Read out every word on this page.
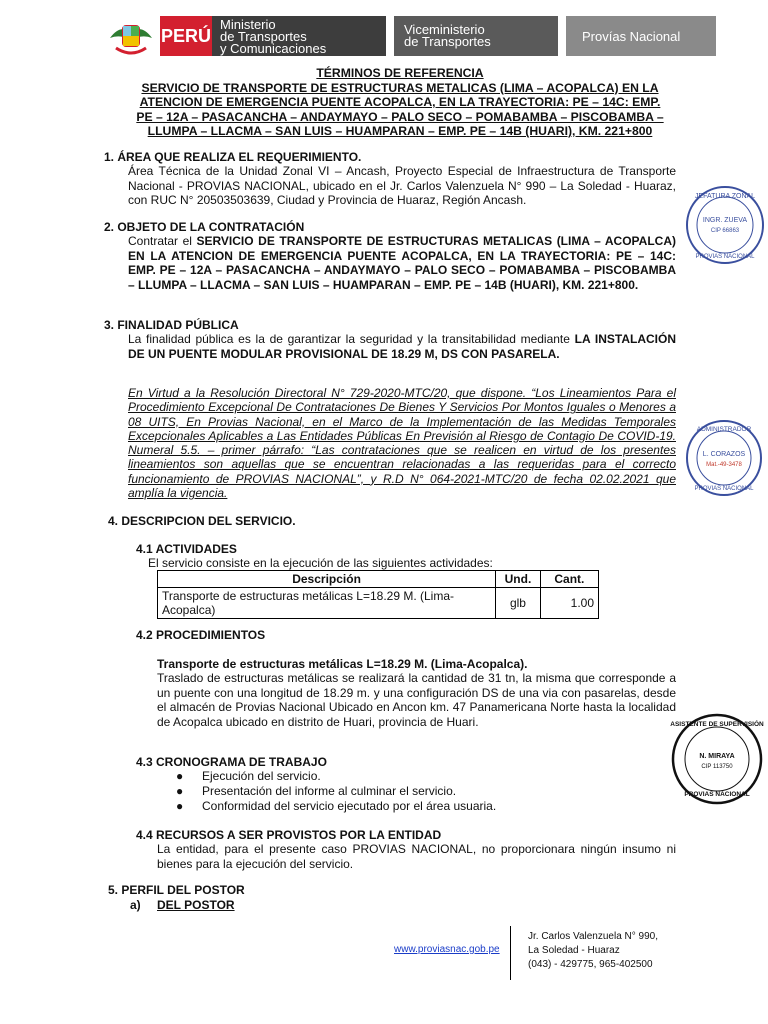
PERÚ
Ministerio
de Transportes
y Comunicaciones
Viceministerio
de Transportes	Provías Nacional
TÉRMINOS DE REFERENCIA
SERVICIO DE TRANSPORTE DE ESTRUCTURAS METALICAS (LIMA – ACOPALCA) EN LA
ATENCION DE EMERGENCIA PUENTE ACOPALCA, EN LA TRAYECTORIA: PE – 14C: EMP.
PE – 12A – PASACANCHA – ANDAYMAYO – PALO SECO – POMABAMBA – PISCOBAMBA –
LLUMPA – LLACMA – SAN LUIS – HUAMPARAN – EMP. PE – 14B (HUARI), KM. 221+800
1. ÁREA QUE REALIZA EL REQUERIMIENTO.
Área Técnica de la Unidad Zonal VI – Ancash, Proyecto Especial de Infraestructura de Transporte Nacional - PROVIAS NACIONAL, ubicado en el Jr. Carlos Valenzuela N° 990 – La Soledad - Huaraz, con RUC N° 20503503639, Ciudad y Provincia de Huaraz, Región Ancash.
2. OBJETO DE LA CONTRATACIÓN
Contratar el SERVICIO DE TRANSPORTE DE ESTRUCTURAS METALICAS (LIMA – ACOPALCA) EN LA ATENCION DE EMERGENCIA PUENTE ACOPALCA, EN LA TRAYECTORIA: PE – 14C: EMP. PE – 12A – PASACANCHA – ANDAYMAYO – PALO SECO – POMABAMBA – PISCOBAMBA – LLUMPA – LLACMA – SAN LUIS – HUAMPARAN – EMP. PE – 14B (HUARI), KM. 221+800.
3. FINALIDAD PÚBLICA
La finalidad pública es la de garantizar la seguridad y la transitabilidad mediante LA INSTALACIÓN DE UN PUENTE MODULAR PROVISIONAL DE 18.29 M, DS CON PASARELA.
En Virtud a la Resolución Directoral N° 729-2020-MTC/20, que dispone. “Los Lineamientos Para el Procedimiento Excepcional De Contrataciones De Bienes Y Servicios Por Montos Iguales o Menores a 08 UITS, En Provias Nacional, en el Marco de la Implementación de las Medidas Temporales Excepcionales Aplicables a Las Entidades Públicas En Previsión al Riesgo de Contagio De COVID-19. Numeral 5.5. – primer párrafo: “Las contrataciones que se realicen en virtud de los presentes lineamientos son aquellas que se encuentran relacionadas a las requeridas para el correcto funcionamiento de PROVIAS NACIONAL”, y R.D N° 064-2021-MTC/20 de fecha 02.02.2021 que amplía la vigencia.
4. DESCRIPCION DEL SERVICIO.
4.1 ACTIVIDADES
El servicio consiste en la ejecución de las siguientes actividades:
Descripción	Und.	Cant.
Transporte de estructuras metálicas L=18.29 M. (Lima-Acopalca)	glb	1.00
4.2 PROCEDIMIENTOS
Transporte de estructuras metálicas L=18.29 M. (Lima-Acopalca).
Traslado de estructuras metálicas se realizará la cantidad de 31 tn, la misma que corresponde a un puente con una longitud de 18.29 m. y una configuración DS de una via con pasarelas, desde el almacén de Provias Nacional Ubicado en Ancon km. 47 Panamericana Norte hasta la localidad de Acopalca ubicado en distrito de Huari, provincia de Huari.
4.3 CRONOGRAMA DE TRABAJO
● Ejecución del servicio.
● Presentación del informe al culminar el servicio.
● Conformidad del servicio ejecutado por el área usuaria.
4.4 RECURSOS A SER PROVISTOS POR LA ENTIDAD
La entidad, para el presente caso PROVIAS NACIONAL, no proporcionara ningún insumo ni bienes para la ejecución del servicio.
5. PERFIL DEL POSTOR
a) DEL POSTOR
JEFATURA ZONAL
INGR. ZUEVA
CIP 66863
PROVIAS NACIONAL
ADMINISTRADOR
L. CORAZOS
Mat.-49-3478
PROVIAS NACIONAL
ASISTENTE DE SUPERVISIÓN
N. MIRAYA
CIP 113750
PROVIAS NACIONAL
www.proviasnac.gob.pe
Jr. Carlos Valenzuela N° 990,
La Soledad - Huaraz
(043) - 429775, 965-402500
